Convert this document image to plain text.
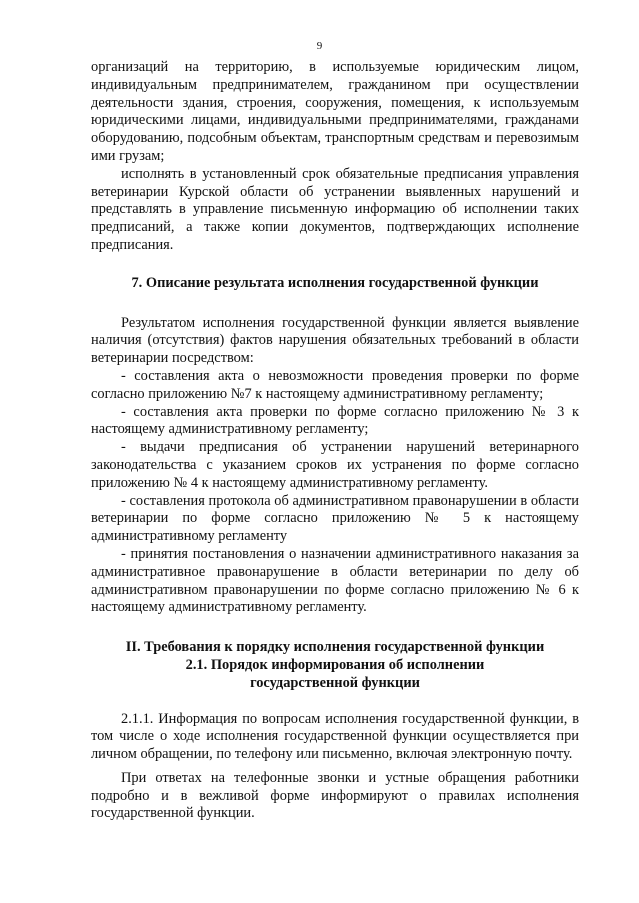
9

организаций на территорию, в используемые юридическим лицом, индивидуальным предпринимателем, гражданином при осуществлении деятельности здания, строения, сооружения, помещения, к используемым юридическими лицами, индивидуальными предпринимателями, гражданами оборудованию, подсобным объектам, транспортным средствам и перевозимым ими грузам;

исполнять в установленный срок обязательные предписания управления ветеринарии Курской области об устранении выявленных нарушений и представлять в управление письменную информацию об исполнении таких предписаний, а также копии документов, подтверждающих исполнение предписания.

7. Описание результата исполнения государственной функции

Результатом исполнения государственной функции является выявление наличия (отсутствия) фактов нарушения обязательных требований в области ветеринарии посредством:

- составления акта о невозможности проведения проверки по форме согласно приложению №7 к настоящему административному регламенту;

- составления акта проверки по форме согласно приложению № 3 к настоящему административному регламенту;

- выдачи предписания об устранении нарушений ветеринарного законодательства с указанием сроков их устранения по форме согласно приложению № 4 к настоящему административному регламенту.

- составления протокола об административном правонарушении в области ветеринарии по форме согласно приложению № 5 к настоящему административному регламенту

- принятия постановления о назначении административного наказания за административное правонарушение в области ветеринарии по делу об административном правонарушении по форме согласно приложению № 6 к настоящему административному регламенту.

II. Требования к порядку исполнения государственной функции

2.1. Порядок информирования об исполнении государственной функции

2.1.1. Информация по вопросам исполнения государственной функции, в том числе о ходе исполнения государственной функции осуществляется при личном обращении, по телефону или письменно, включая электронную почту.

При ответах на телефонные звонки и устные обращения работники подробно и в вежливой форме информируют о правилах исполнения государственной функции.
